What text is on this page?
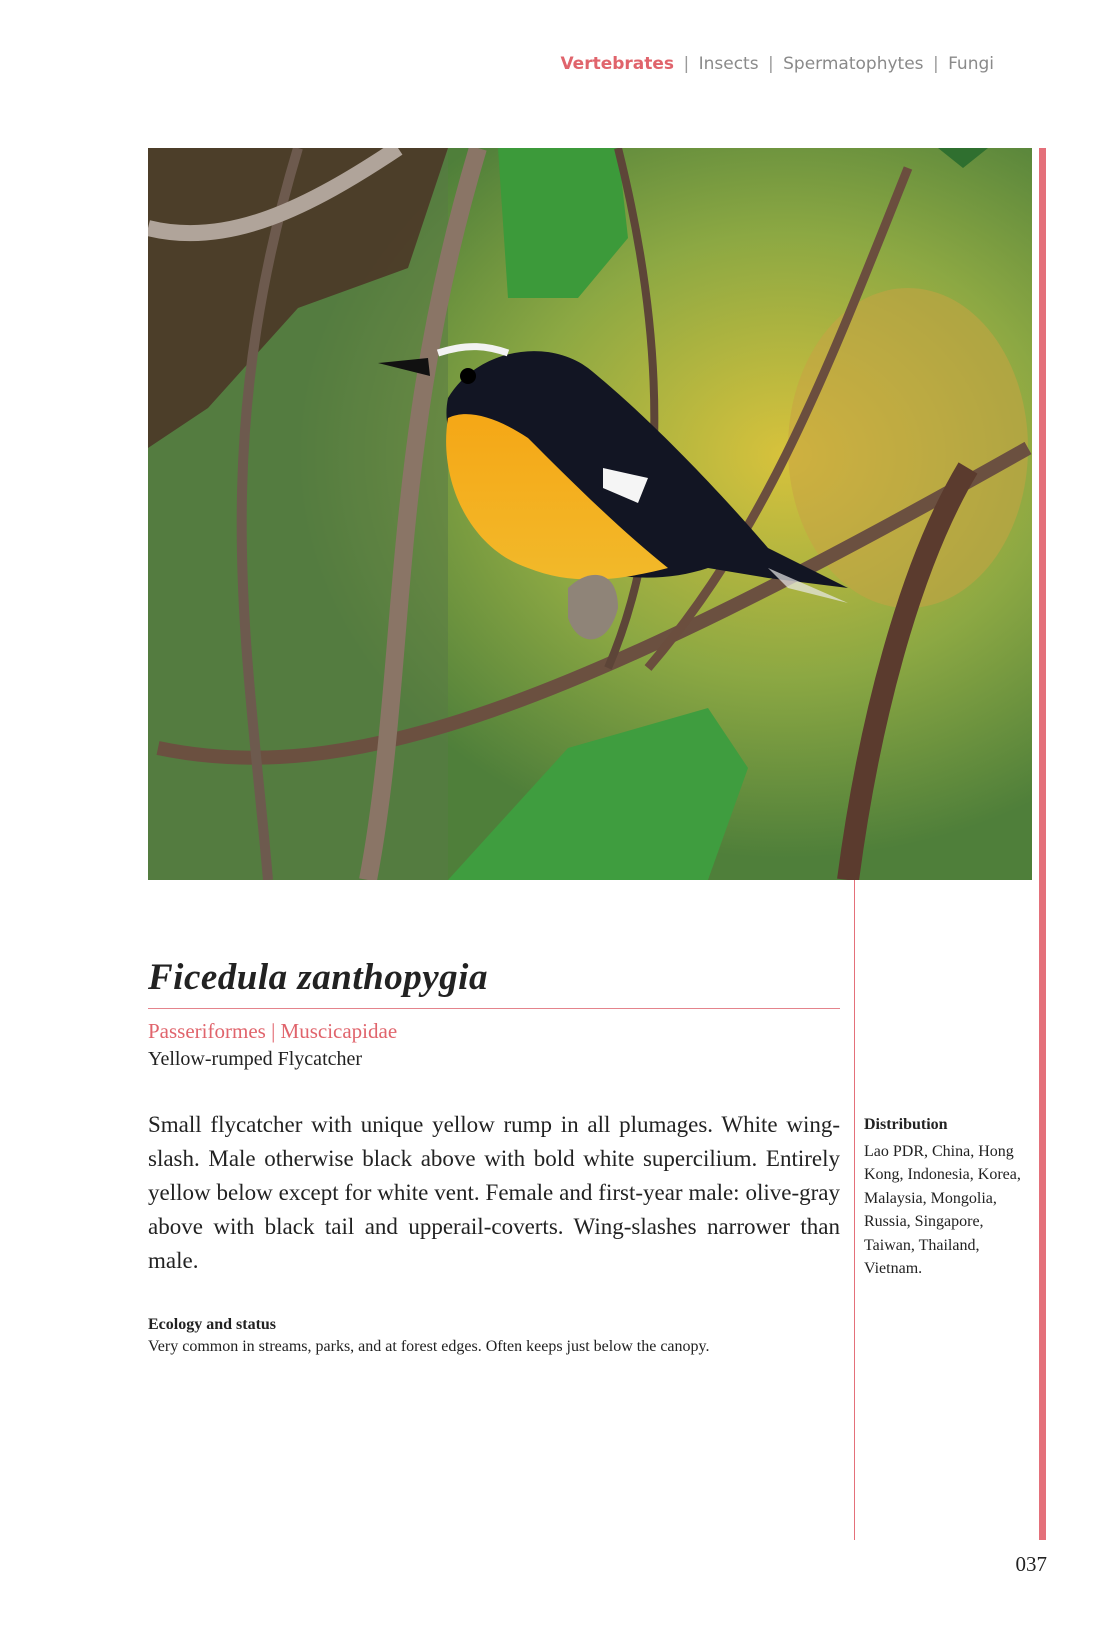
Vertebrates | Insects | Spermatophytes | Fungi
Ficedula zanthopygia
Passeriformes | Muscicapidae
Yellow-rumped Flycatcher
Small flycatcher with unique yellow rump in all plumages. White wing-slash. Male otherwise black above with bold white supercilium. Entirely yellow below except for white vent. Female and first-year male: olive-gray above with black tail and upperail-coverts. Wing-slashes narrower than male.
Ecology and status
Very common in streams, parks, and at forest edges. Often keeps just below the canopy.
Distribution
Lao PDR, China, Hong Kong, Indonesia, Korea, Malaysia, Mongolia, Russia, Singapore, Taiwan, Thailand, Vietnam.
037
